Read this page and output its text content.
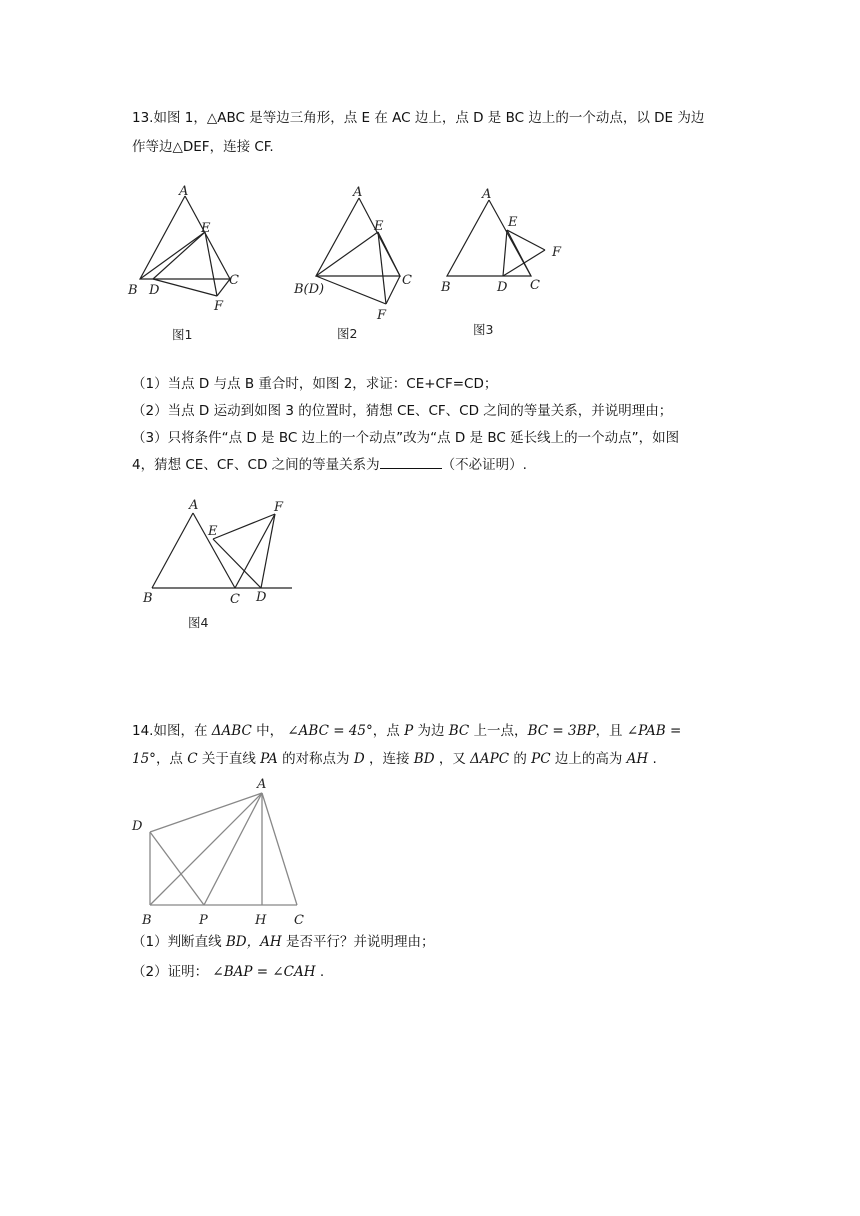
13.如图 1，△ABC 是等边三角形，点 E 在 AC 边上，点 D 是 BC 边上的一个动点，以 DE 为边
作等边△DEF，连接 CF.
A
B D
C
E
F
图1
A
B(D)
C
E
F
图2
A
B	D C
E
F
图3
（1）当点 D 与点 B 重合时，如图 2，求证：CE+CF=CD；
（2）当点 D 运动到如图 3 的位置时，猜想 CE、CF、CD 之间的等量关系，并说明理由；
（3）只将条件“点 D 是 BC 边上的一个动点”改为“点 D 是 BC 延长线上的一个动点”，如图
4，猜想 CE、CF、CD 之间的等量关系为	（不必证明）.
A
B	C D
E
F
图4
14.如图，在 ΔABC 中， ∠ABC = 45°，点 P 为边 BC 上一点，BC = 3BP，且 ∠PAB =
15°，点 C 关于直线 PA 的对称点为 D ，连接 BD ，又 ΔAPC 的 PC 边上的高为 AH .
A
D
B	P	H C
（1）判断直线 BD，AH 是否平行？并说明理由；
（2）证明： ∠BAP = ∠CAH .
